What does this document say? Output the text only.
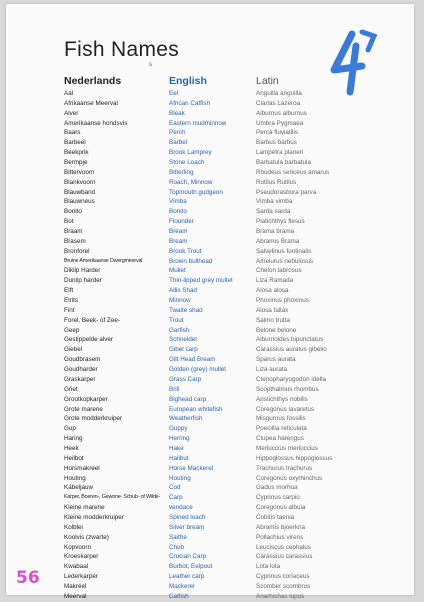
Fish Names
s
Nederlands	English	Latin
Aal
Afrikaanse Meerval
Alver
Amerikaanse hondsvis
Baars
Barbeel
Beekprik
Bermpje
Bittervoorn
Blankvoorn
Blauwband
Blauwneus
Bonito
Bot
Braam
Brasem
Bronforel
Bruine Amerikaanse Dwergmeerval
Diklip Harder
Dunlip harder
Elft
Elrits
Fint
Forel, Beek- of Zee-
Geep
Gestippelde alver
Giebel
Goudbrasem
Goudharder
Graskarper
Griet
Grootkopkarper
Grote marene
Grote modderkruiper
Gup
Haring
Heek
Heilbot
Horsmakreel
Houting
Kabeljauw
Karper, Boeren-, Gewone- Schub- of Wilde-
Kleine marene
Kleine modderkruiper
Kolblei
Koolvis (zwarte)
Kopvoorn
Kroeskarper
Kwabaal
Lederkarper
Makreel
Meerval
Eel
African Catfish
Bleak
Eastern mudminnow
Perch
Barbel
Brook Lamprey
Stone Loach
Bitterling
Roach, Minnow
Topmouth gudgeon
Vimba
Bonito
Flounder
Bream
Bream
Brook Trout
Brown bullhead
Mullet
Thin-lipped grey mullet
Allis Shad
Minnow
Twaite shad
Trout
Garfish
Schneider
Gibel carp
Gilt Head Bream
Golden (grey) mullet
Grass Carp
Brill
Bighead carp
European whitefish
Weatherfish
Guppy
Herring
Hake
Halibut
Horse Mackerel
Houting
Cod
Carp
vendace
Spined loach
Silver bream
Saithe
Chub
Crucian Carp
Burbot, Eelpout
Leather carp
Mackerel
Catfish
Anguilla anguilla
Clarias Lazeroa
Alburnus alburnus
Umbra Pygmaea
Perca fluviatilis
Barbus barbus
Lampetra planeri
Barbatula barbatula
Rhodeus sericeus amarus
Rutilus Rutilus
Pseudorasbora parva
Vimba vimba
Sarda sarda
Platichthys flesus
Brama brama
Abramis Brama
Salvelinus fontinalis
Ameiurus nebulosus
Chelon labrosus
Liza Ramada
Alosa alosa
Phoxinus phoxinus
Alosa fallax
Salmo trutta
Belone belone
Alburnoides bipunctatus
Carassius auratus gibelio
Sparus aurata
Liza aurata
Ctenopharyngodon idella
Scopthalmus rhombus
Aristichthys nobilis
Coregonus lavaretus
Misgurnus fossilis
Poecillia reticulata
Clupea harengus
Merluccius merluccius
Hippoglossus hippoglossus
Trachurus trachurus
Coregonus oxyrhinchus
Gadus morhua
Cyprinus carpio
Coregonus albula
Cobitis taenia
Abramis bjoerkna
Pollachius virens
Leuciscus cephalus
Carassius carassius
Lota lota
Cyprinus coriaceus
Scomber scombrus
Anarhichas lupus
56
